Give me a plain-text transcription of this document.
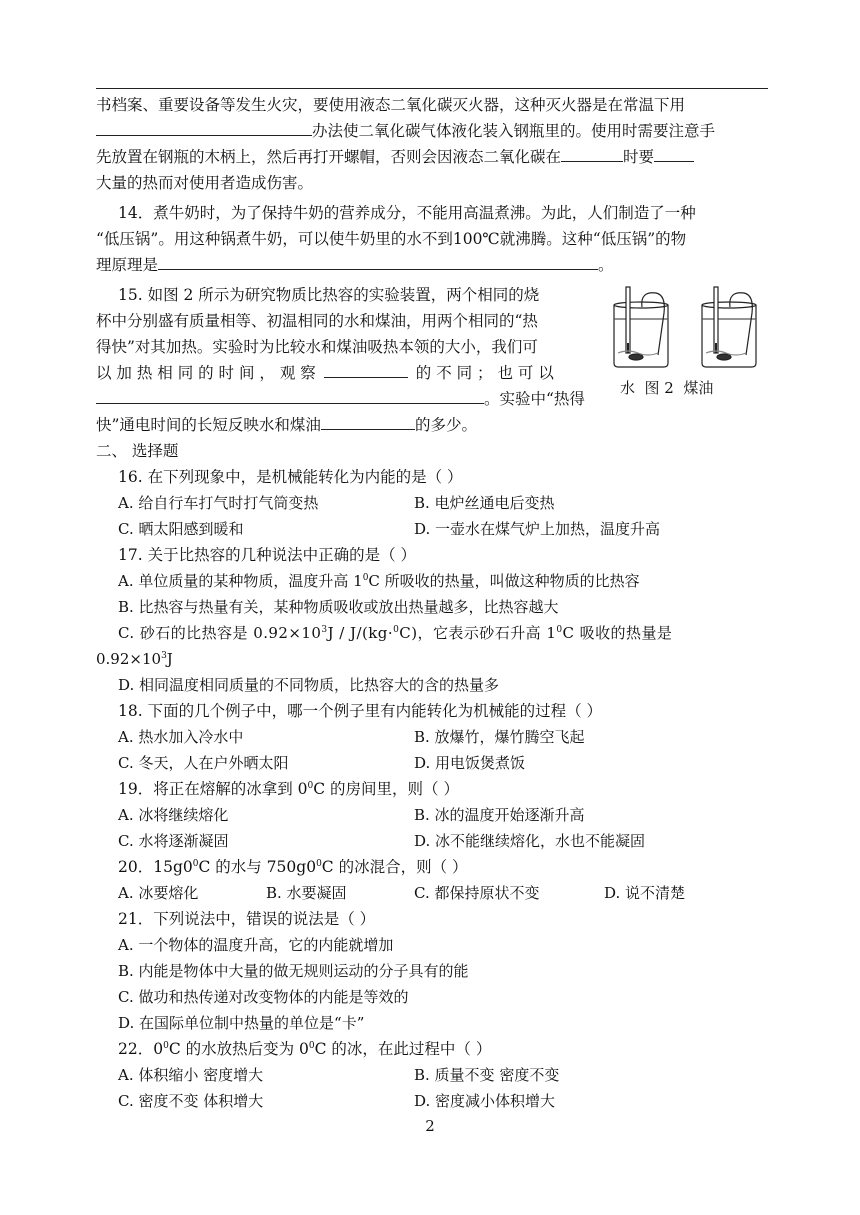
书档案、重要设备等发生火灾，要使用液态二氧化碳灭火器，这种灭火器是在常温下用
办法使二氧化碳气体液化装入钢瓶里的。使用时需要注意手
先放置在钢瓶的木柄上，然后再打开螺帽，否则会因液态二氧化碳在	时要
大量的热而对使用者造成伤害。
14．煮牛奶时，为了保持牛奶的营养成分，不能用高温煮沸。为此，人们制造了一种
“低压锅”。用这种锅煮牛奶，可以使牛奶里的水不到100℃就沸腾。这种“低压锅”的物
理原理是	。
15. 如图 2 所示为研究物质比热容的实验装置，两个相同的烧
杯中分别盛有质量相等、初温相同的水和煤油，用两个相同的“热
得快”对其加热。实验时为比较水和煤油吸热本领的大小，我们可
以 加 热 相 同 的 时 间 ， 观 察	的 不 同 ； 也 可 以
。实验中“热得
快”通电时间的长短反映水和煤油	的多少。
水  图 2  煤油
二、 选择题
16. 在下列现象中，是机械能转化为内能的是（ ）
A. 给自行车打气时打气筒变热	B. 电炉丝通电后变热
C. 晒太阳感到暖和	D. 一壶水在煤气炉上加热，温度升高
17. 关于比热容的几种说法中正确的是（ ）
A. 单位质量的某种物质，温度升高 $1^0C$ 所吸收的热量，叫做这种物质的比热容
B. 比热容与热量有关，某种物质吸收或放出热量越多，比热容越大
C. 砂石的比热容是 $0.92\times 10^3J / J/(kg\cdot^0C)$，它表示砂石升高 $1^0C$ 吸收的热量是
$0.92\times 10^3J$
D. 相同温度相同质量的不同物质，比热容大的含的热量多
18. 下面的几个例子中，哪一个例子里有内能转化为机械能的过程（ ）
A. 热水加入冷水中	B. 放爆竹，爆竹腾空飞起
C. 冬天，人在户外晒太阳	D. 用电饭煲煮饭
19．将正在熔解的冰拿到 $0^0C$ 的房间里，则（ ）
A. 冰将继续熔化	B. 冰的温度开始逐渐升高
C. 水将逐渐凝固	D. 冰不能继续熔化，水也不能凝固
20．$15g0^0C$ 的水与 $750g0^0C$ 的冰混合，则（ ）
A. 冰要熔化	B. 水要凝固	C. 都保持原状不变	D. 说不清楚
21．下列说法中，错误的说法是（ ）
A. 一个物体的温度升高，它的内能就增加
B. 内能是物体中大量的做无规则运动的分子具有的能
C. 做功和热传递对改变物体的内能是等效的
D. 在国际单位制中热量的单位是“卡”
22．$0^0C$ 的水放热后变为 $0^0C$ 的冰，在此过程中（ ）
A. 体积缩小 密度增大	B. 质量不变 密度不变
C. 密度不变 体积增大	D. 密度减小体积增大
2
